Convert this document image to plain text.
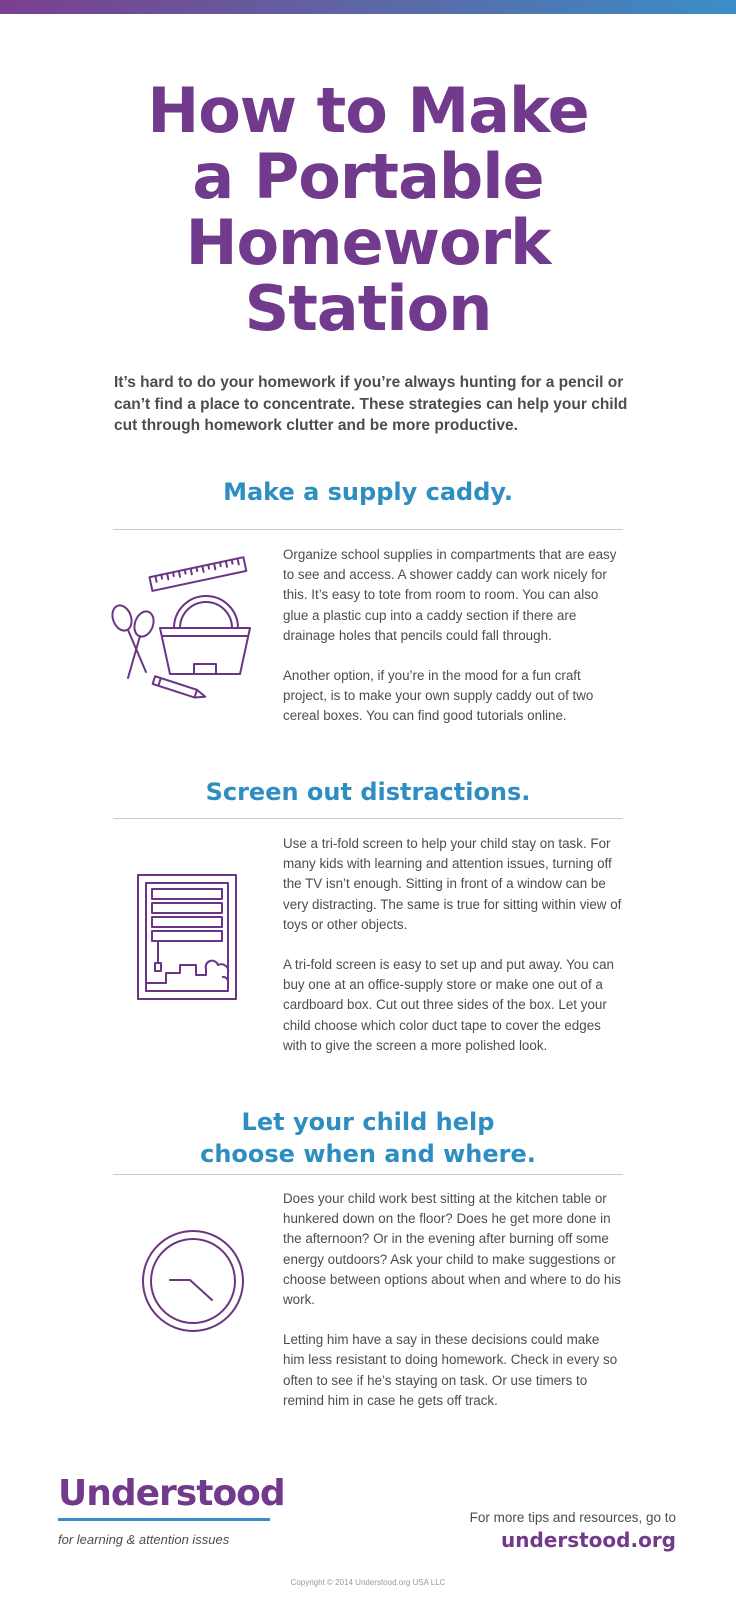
How to Make
a Portable
Homework
Station
It’s hard to do your homework if you’re always hunting for a pencil or can’t find a place to concentrate. These strategies can help your child cut through homework clutter and be more productive.
Make a supply caddy.

Organize school supplies in compartments that are easy to see and access. A shower caddy can work nicely for this. It’s easy to tote from room to room. You can also glue a plastic cup into a caddy section if there are drainage holes that pencils could fall through.

Another option, if you’re in the mood for a fun craft project, is to make your own supply caddy out of two cereal boxes. You can find good tutorials online.

Screen out distractions.

Use a tri-fold screen to help your child stay on task. For many kids with learning and attention issues, turning off the TV isn’t enough. Sitting in front of a window can be very distracting. The same is true for sitting within view of toys or other objects.

A tri-fold screen is easy to set up and put away. You can buy one at an office-supply store or make one out of a cardboard box. Cut out three sides of the box. Let your child choose which color duct tape to cover the edges with to give the screen a more polished look.

Let your child help
choose when and where.

Does your child work best sitting at the kitchen table or hunkered down on the floor? Does he get more done in the afternoon? Or in the evening after burning off some energy outdoors? Ask your child to make suggestions or choose between options about when and where to do his work.

Letting him have a say in these decisions could make him less resistant to doing homework. Check in every so often to see if he’s staying on task. Or use timers to remind him in case he gets off track.

Understood
for learning & attention issues
For more tips and resources, go to
understood.org
Copyright © 2014 Understood.org USA LLC
